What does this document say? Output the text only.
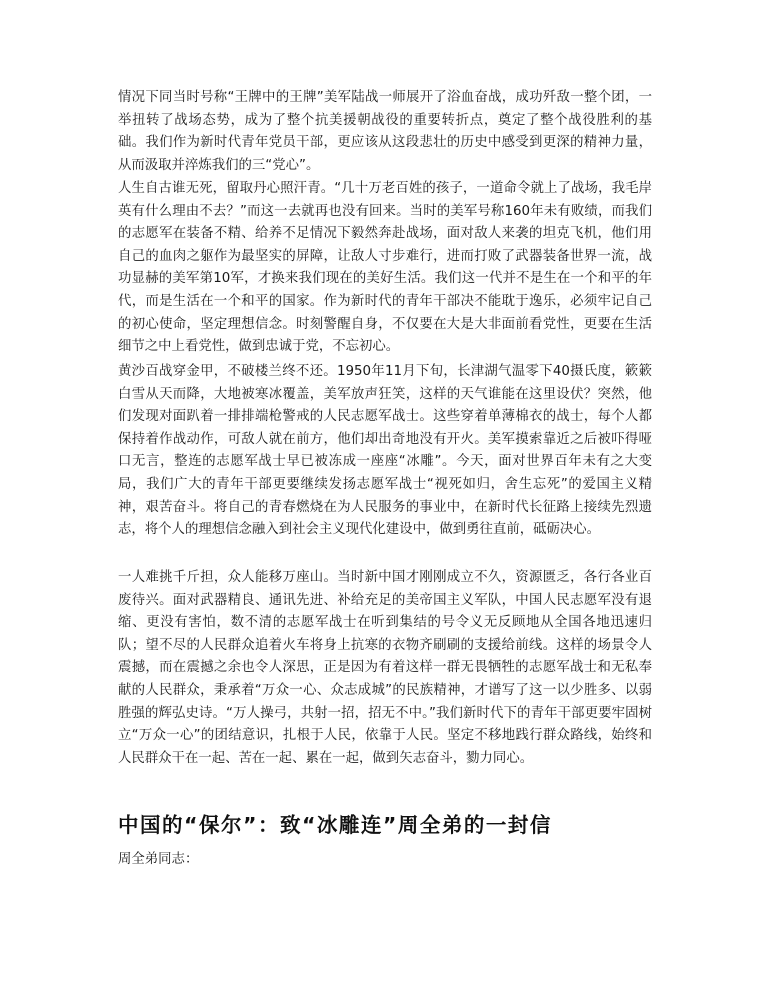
情况下同当时号称“王牌中的王牌”美军陆战一师展开了浴血奋战，成功歼敌一整个团，一举扭转了战场态势，成为了整个抗美援朝战役的重要转折点，奠定了整个战役胜利的基础。我们作为新时代青年党员干部，更应该从这段悲壮的历史中感受到更深的精神力量，从而汲取并淬炼我们的三“党心”。

人生自古谁无死，留取丹心照汗青。“几十万老百姓的孩子，一道命令就上了战场，我毛岸英有什么理由不去？”而这一去就再也没有回来。当时的美军号称160年未有败绩，而我们的志愿军在装备不精、给养不足情况下毅然奔赴战场，面对敌人来袭的坦克飞机，他们用自己的血肉之躯作为最坚实的屏障，让敌人寸步难行，进而打败了武器装备世界一流，战功显赫的美军第10军，才换来我们现在的美好生活。我们这一代并不是生在一个和平的年代，而是生活在一个和平的国家。作为新时代的青年干部决不能耽于逸乐，必须牢记自己的初心使命，坚定理想信念。时刻警醒自身，不仅要在大是大非面前看党性，更要在生活细节之中上看党性，做到忠诚于党，不忘初心。

黄沙百战穿金甲，不破楼兰终不还。1950年11月下旬，长津湖气温零下40摄氏度，簌簌白雪从天而降，大地被寒冰覆盖，美军放声狂笑，这样的天气谁能在这里设伏？突然，他们发现对面趴着一排排端枪警戒的人民志愿军战士。这些穿着单薄棉衣的战士，每个人都保持着作战动作，可敌人就在前方，他们却出奇地没有开火。美军摸索靠近之后被吓得哑口无言，整连的志愿军战士早已被冻成一座座“冰雕”。今天，面对世界百年未有之大变局，我们广大的青年干部更要继续发扬志愿军战士“视死如归，舍生忘死”的爱国主义精神，艰苦奋斗。将自己的青春燃烧在为人民服务的事业中，在新时代长征路上接续先烈遗志，将个人的理想信念融入到社会主义现代化建设中，做到勇往直前，砥砺决心。

一人难挑千斤担，众人能移万座山。当时新中国才刚刚成立不久，资源匮乏，各行各业百废待兴。面对武器精良、通讯先进、补给充足的美帝国主义军队，中国人民志愿军没有退缩、更没有害怕，数不清的志愿军战士在听到集结的号令义无反顾地从全国各地迅速归队；望不尽的人民群众追着火车将身上抗寒的衣物齐刷刷的支援给前线。这样的场景令人震撼，而在震撼之余也令人深思，正是因为有着这样一群无畏牺牲的志愿军战士和无私奉献的人民群众，秉承着“万众一心、众志成城”的民族精神，才谱写了这一以少胜多、以弱胜强的辉弘史诗。“万人操弓，共射一招，招无不中。”我们新时代下的青年干部更要牢固树立“万众一心”的团结意识，扎根于人民，依靠于人民。坚定不移地践行群众路线，始终和人民群众干在一起、苦在一起、累在一起，做到矢志奋斗，勠力同心。

中国的“保尔”：致“冰雕连”周全弟的一封信

周全弟同志：
